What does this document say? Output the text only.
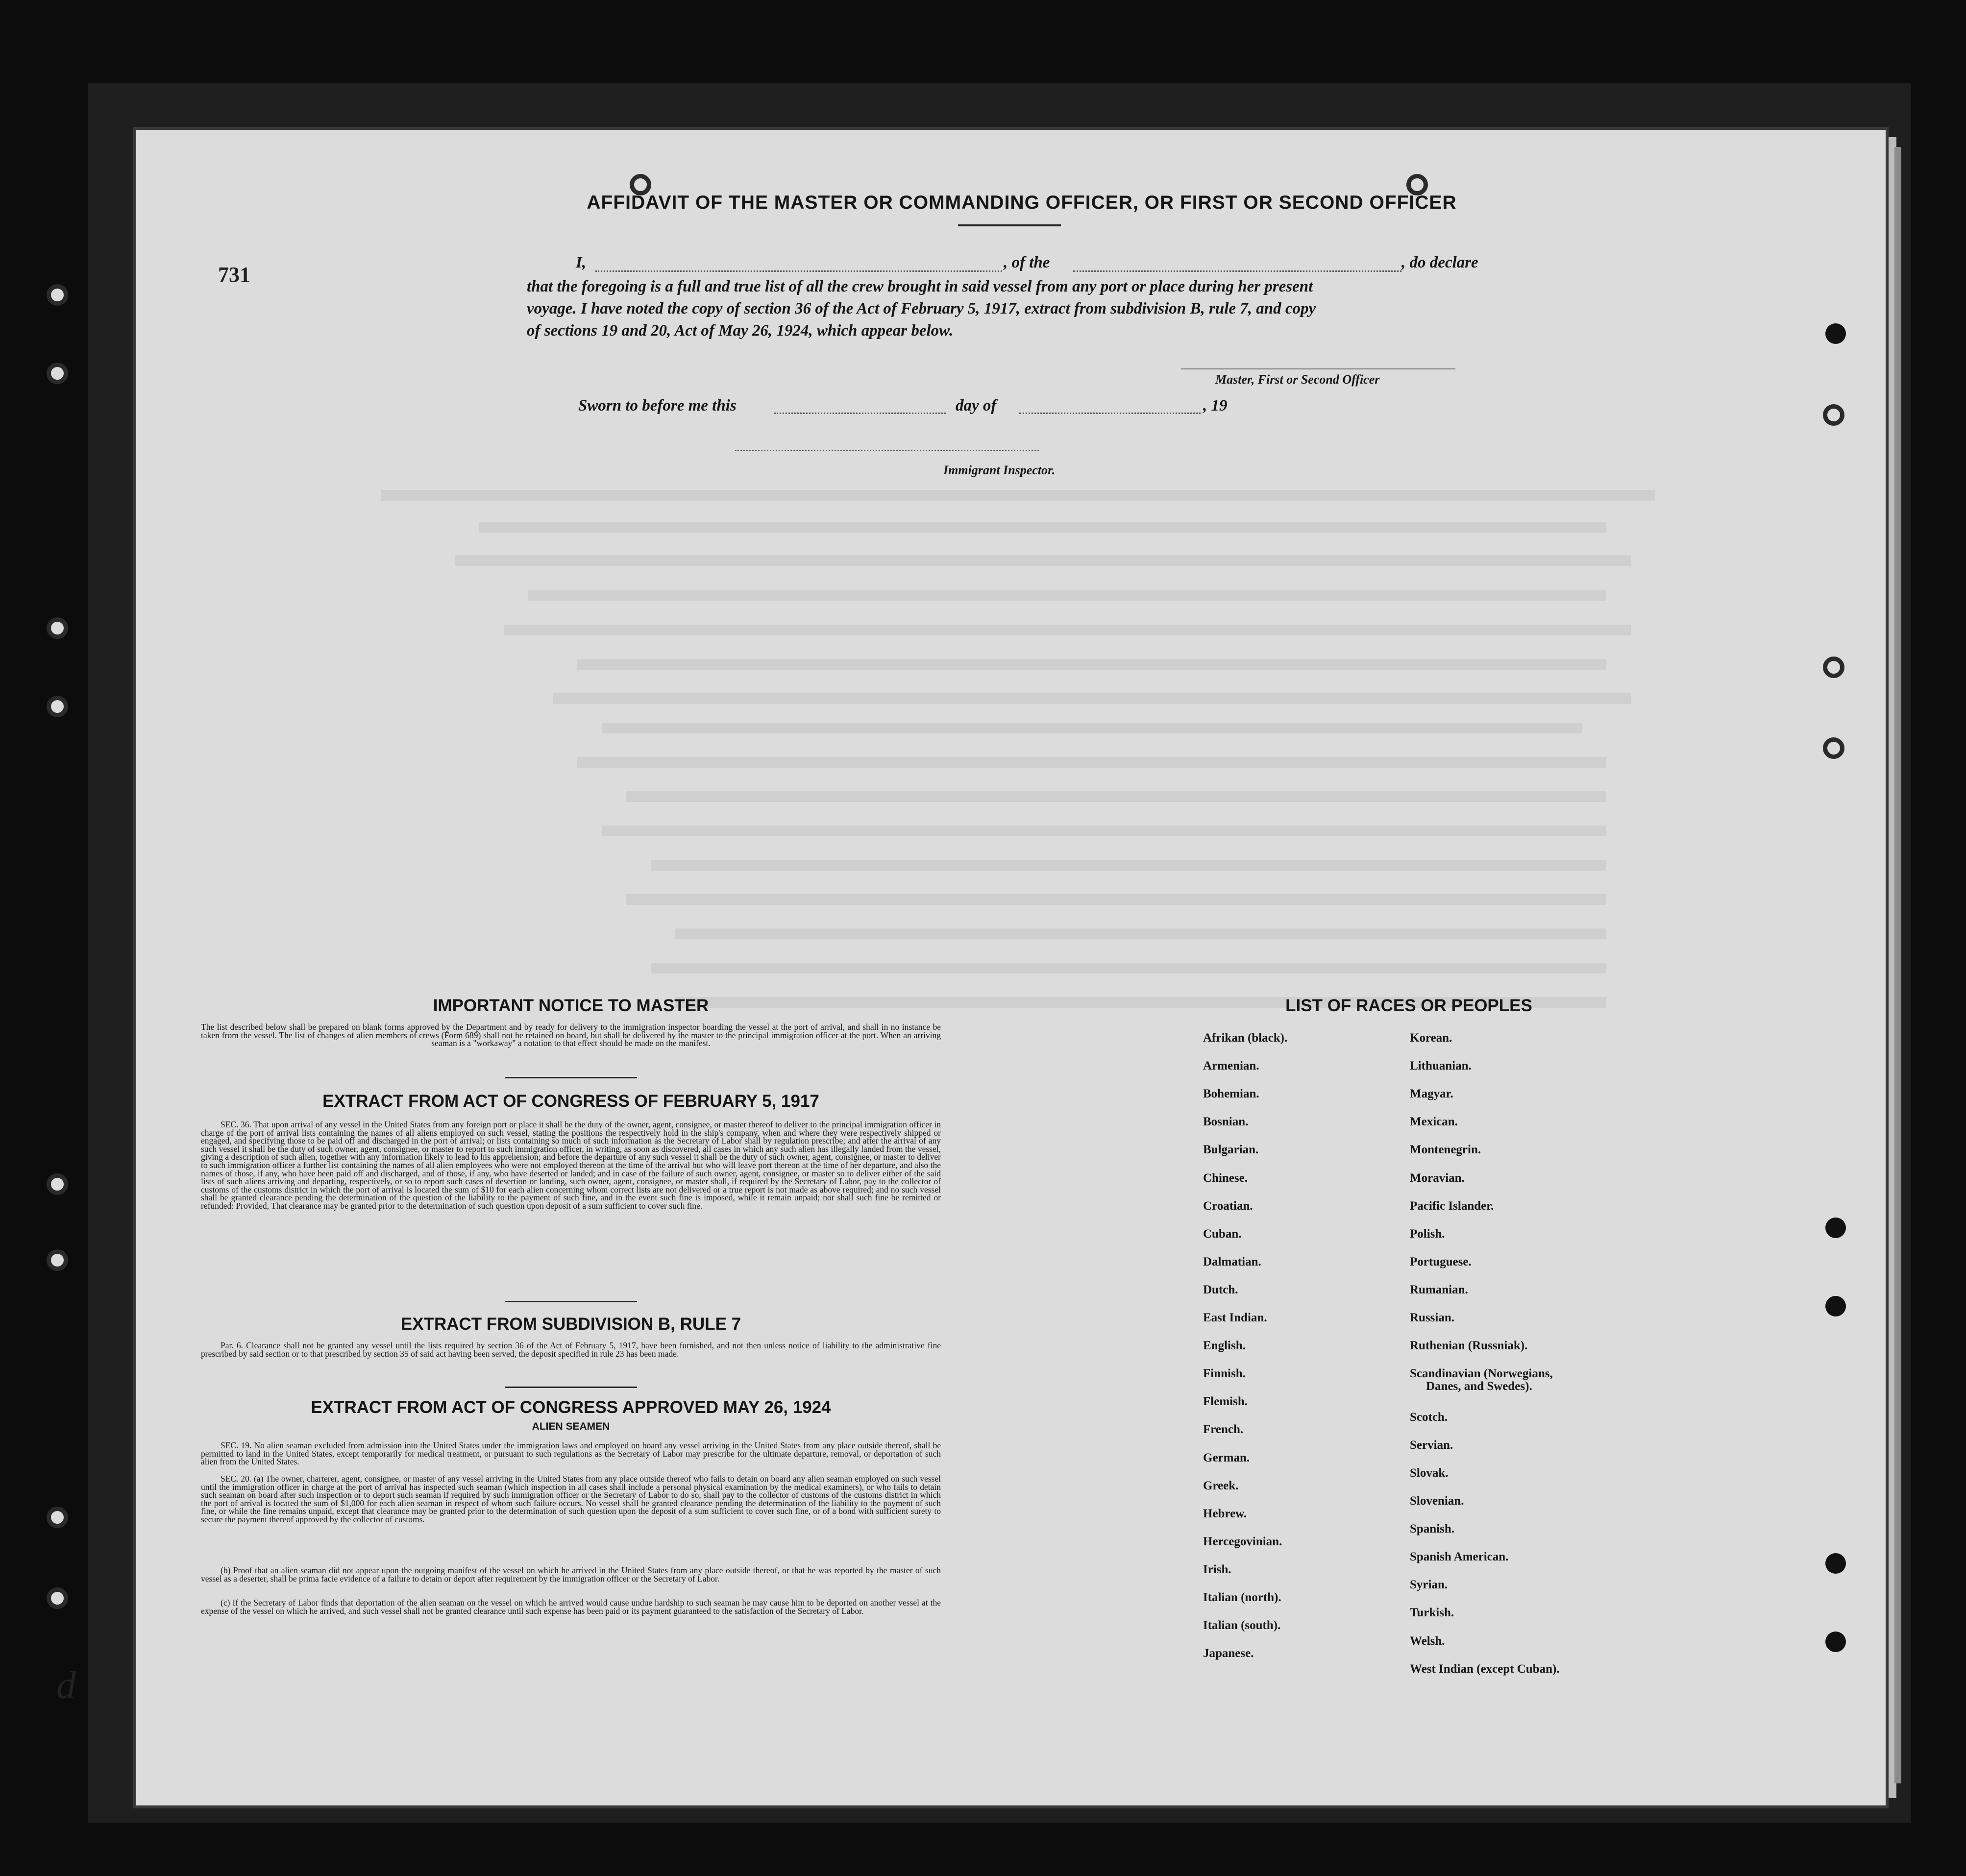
731
d
AFFIDAVIT OF THE MASTER OR COMMANDING OFFICER, OR FIRST OR SECOND OFFICER
I,	, of the	, do declare
that the foregoing is a full and true list of all the crew brought in said vessel from any port or place during her present
voyage. I have noted the copy of section 36 of the Act of February 5, 1917, extract from subdivision B, rule 7, and copy
of sections 19 and 20, Act of May 26, 1924, which appear below.
Master, First or Second Officer
Sworn to before me this	day of	, 19
Immigrant Inspector.
IMPORTANT NOTICE TO MASTER
The list described below shall be prepared on blank forms approved by the Department and by ready for delivery to the immigration inspector boarding the vessel at the port of arrival, and shall in no instance be taken from the vessel. The list of changes of alien members of crews (Form 689) shall not be retained on board, but shall be delivered by the master to the principal immigration officer at the port. When an arriving seaman is a "workaway" a notation to that effect should be made on the manifest.
EXTRACT FROM ACT OF CONGRESS OF FEBRUARY 5, 1917
SEC. 36. That upon arrival of any vessel in the United States from any foreign port or place it shall be the duty of the owner, agent, consignee, or master thereof to deliver to the principal immigration officer in charge of the port of arrival lists containing the names of all aliens employed on such vessel, stating the positions the respectively hold in the ship's company, when and where they were respectively shipped or engaged, and specifying those to be paid off and discharged in the port of arrival; or lists containing so much of such information as the Secretary of Labor shall by regulation prescribe; and after the arrival of any such vessel it shall be the duty of such owner, agent, consignee, or master to report to such immigration officer, in writing, as soon as discovered, all cases in which any such alien has illegally landed from the vessel, giving a description of such alien, together with any information likely to lead to his apprehension; and before the departure of any such vessel it shall be the duty of such owner, agent, consignee, or master to deliver to such immigration officer a further list containing the names of all alien employees who were not employed thereon at the time of the arrival but who will leave port thereon at the time of her departure, and also the names of those, if any, who have been paid off and discharged, and of those, if any, who have deserted or landed; and in case of the failure of such owner, agent, consignee, or master so to deliver either of the said lists of such aliens arriving and departing, respectively, or so to report such cases of desertion or landing, such owner, agent, consignee, or master shall, if required by the Secretary of Labor, pay to the collector of customs of the customs district in which the port of arrival is located the sum of $10 for each alien concerning whom correct lists are not delivered or a true report is not made as above required; and no such vessel shall be granted clearance pending the determination of the question of the liability to the payment of such fine, and in the event such fine is imposed, while it remain unpaid; nor shall such fine be remitted or refunded: Provided, That clearance may be granted prior to the determination of such question upon deposit of a sum sufficient to cover such fine.
EXTRACT FROM SUBDIVISION B, RULE 7
Par. 6. Clearance shall not be granted any vessel until the lists required by section 36 of the Act of February 5, 1917, have been furnished, and not then unless notice of liability to the administrative fine prescribed by said section or to that prescribed by section 35 of said act having been served, the deposit specified in rule 23 has been made.
EXTRACT FROM ACT OF CONGRESS APPROVED MAY 26, 1924
ALIEN SEAMEN
SEC. 19. No alien seaman excluded from admission into the United States under the immigration laws and employed on board any vessel arriving in the United States from any place outside thereof, shall be permitted to land in the United States, except temporarily for medical treatment, or pursuant to such regulations as the Secretary of Labor may prescribe for the ultimate departure, removal, or deportation of such alien from the United States.
SEC. 20. (a) The owner, charterer, agent, consignee, or master of any vessel arriving in the United States from any place outside thereof who fails to detain on board any alien seaman employed on such vessel until the immigration officer in charge at the port of arrival has inspected such seaman (which inspection in all cases shall include a personal physical examination by the medical examiners), or who fails to detain such seaman on board after such inspection or to deport such seaman if required by such immigration officer or the Secretary of Labor to do so, shall pay to the collector of customs of the customs district in which the port of arrival is located the sum of $1,000 for each alien seaman in respect of whom such failure occurs. No vessel shall be granted clearance pending the determination of the liability to the payment of such fine, or while the fine remains unpaid, except that clearance may be granted prior to the determination of such question upon the deposit of a sum sufficient to cover such fine, or of a bond with sufficient surety to secure the payment thereof approved by the collector of customs.
(b) Proof that an alien seaman did not appear upon the outgoing manifest of the vessel on which he arrived in the United States from any place outside thereof, or that he was reported by the master of such vessel as a deserter, shall be prima facie evidence of a failure to detain or deport after requirement by the immigration officer or the Secretary of Labor.
(c) If the Secretary of Labor finds that deportation of the alien seaman on the vessel on which he arrived would cause undue hardship to such seaman he may cause him to be deported on another vessel at the expense of the vessel on which he arrived, and such vessel shall not be granted clearance until such expense has been paid or its payment guaranteed to the satisfaction of the Secretary of Labor.
LIST OF RACES OR PEOPLES
Afrikan (black).
Armenian.
Bohemian.
Bosnian.
Bulgarian.
Chinese.
Croatian.
Cuban.
Dalmatian.
Dutch.
East Indian.
English.
Finnish.
Flemish.
French.
German.
Greek.
Hebrew.
Hercegovinian.
Irish.
Italian (north).
Italian (south).
Japanese.
Korean.
Lithuanian.
Magyar.
Mexican.
Montenegrin.
Moravian.
Pacific Islander.
Polish.
Portuguese.
Rumanian.
Russian.
Ruthenian (Russniak).
Scandinavian (Norwegians,
Danes, and Swedes).
Scotch.
Servian.
Slovak.
Slovenian.
Spanish.
Spanish American.
Syrian.
Turkish.
Welsh.
West Indian (except Cuban).
